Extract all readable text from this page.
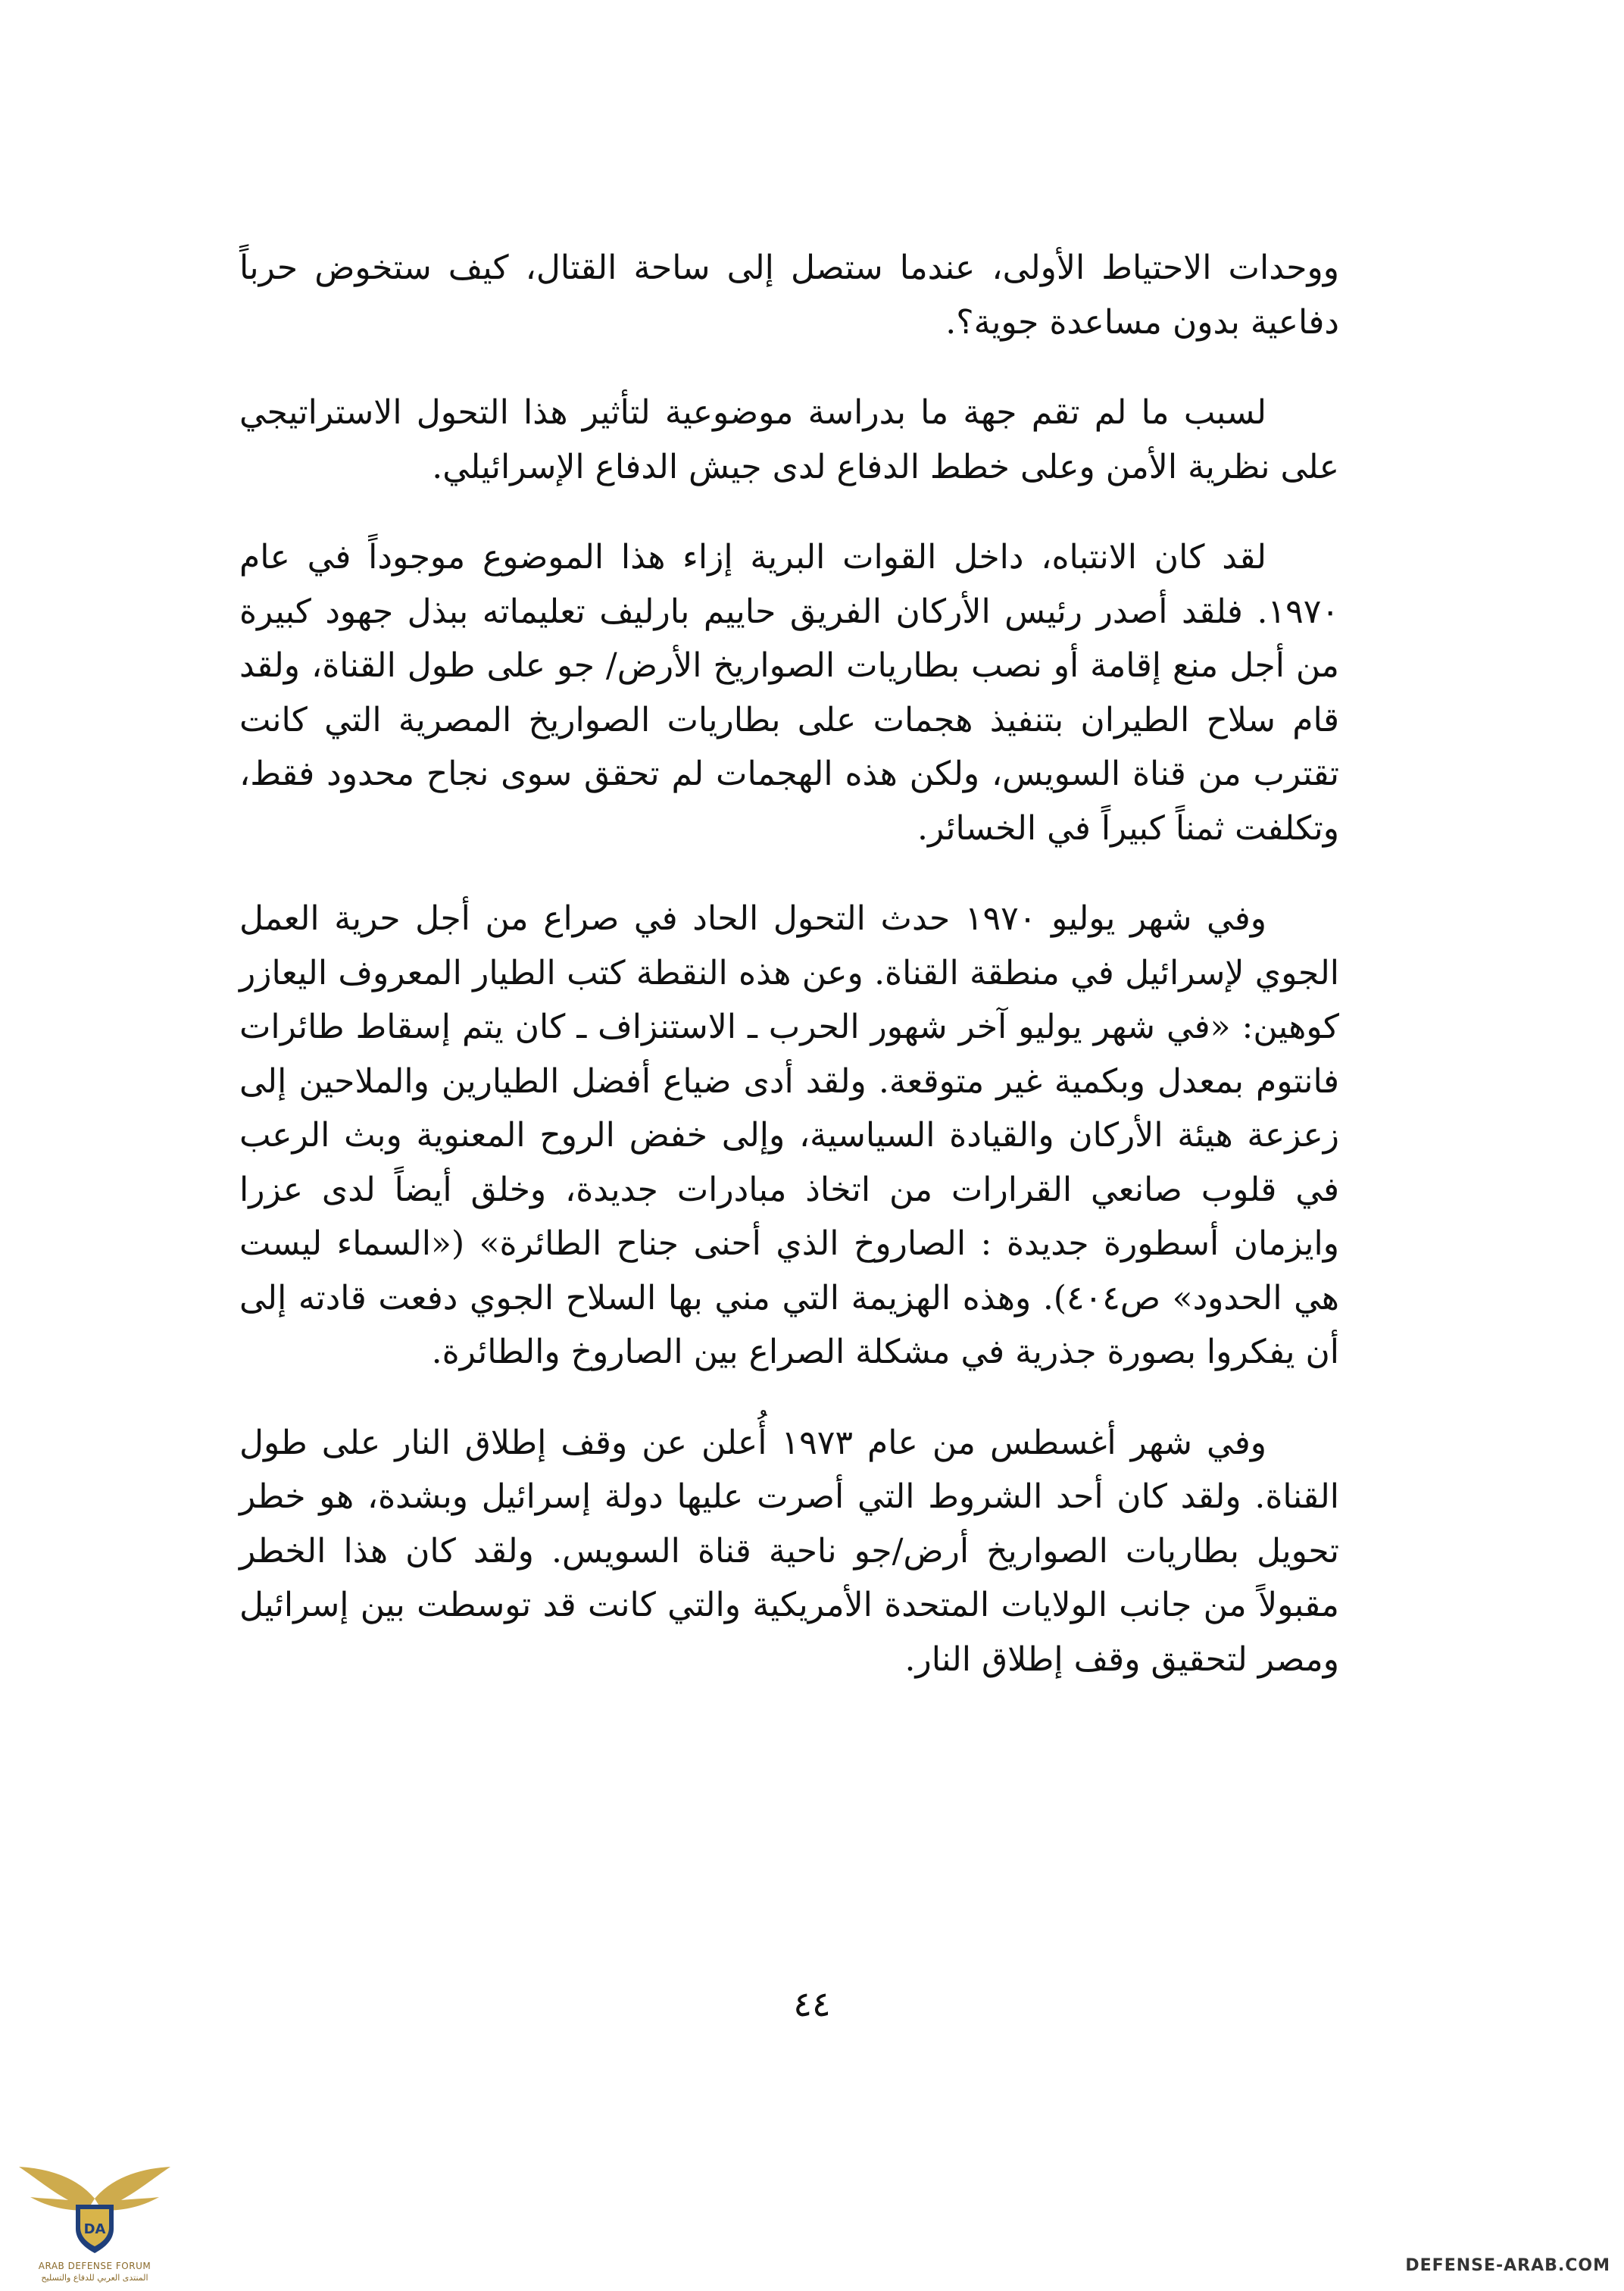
ووحدات الاحتياط الأولى، عندما ستصل إلى ساحة القتال، كيف ستخوض حرباً دفاعية بدون مساعدة جوية؟.

لسبب ما لم تقم جهة ما بدراسة موضوعية لتأثير هذا التحول الاستراتيجي على نظرية الأمن وعلى خطط الدفاع لدى جيش الدفاع الإسرائيلي.

لقد كان الانتباه، داخل القوات البرية إزاء هذا الموضوع موجوداً في عام ١٩٧٠. فلقد أصدر رئيس الأركان الفريق حاييم بارليف تعليماته ببذل جهود كبيرة من أجل منع إقامة أو نصب بطاريات الصواريخ الأرض/ جو على طول القناة، ولقد قام سلاح الطيران بتنفيذ هجمات على بطاريات الصواريخ المصرية التي كانت تقترب من قناة السويس، ولكن هذه الهجمات لم تحقق سوى نجاح محدود فقط، وتكلفت ثمناً كبيراً في الخسائر.

وفي شهر يوليو ١٩٧٠ حدث التحول الحاد في صراع من أجل حرية العمل الجوي لإسرائيل في منطقة القناة. وعن هذه النقطة كتب الطيار المعروف اليعازر كوهين: «في شهر يوليو آخر شهور الحرب ـ الاستنزاف ـ كان يتم إسقاط طائرات فانتوم بمعدل وبكمية غير متوقعة. ولقد أدى ضياع أفضل الطيارين والملاحين إلى زعزعة هيئة الأركان والقيادة السياسية، وإلى خفض الروح المعنوية وبث الرعب في قلوب صانعي القرارات من اتخاذ مبادرات جديدة، وخلق أيضاً لدى عزرا وايزمان أسطورة جديدة : الصاروخ الذي أحنى جناح الطائرة» («السماء ليست هي الحدود» ص٤٠٤). وهذه الهزيمة التي مني بها السلاح الجوي دفعت قادته إلى أن يفكروا بصورة جذرية في مشكلة الصراع بين الصاروخ والطائرة.

وفي شهر أغسطس من عام ١٩٧٣ أُعلن عن وقف إطلاق النار على طول القناة. ولقد كان أحد الشروط التي أصرت عليها دولة إسرائيل وبشدة، هو خطر تحويل بطاريات الصواريخ أرض/جو ناحية قناة السويس. ولقد كان هذا الخطر مقبولاً من جانب الولايات المتحدة الأمريكية والتي كانت قد توسطت بين إسرائيل ومصر لتحقيق وقف إطلاق النار.

٤٤
DA
ARAB DEFENSE FORUM
المنتدى العربي للدفاع والتسليح
DEFENSE-ARAB.COM
